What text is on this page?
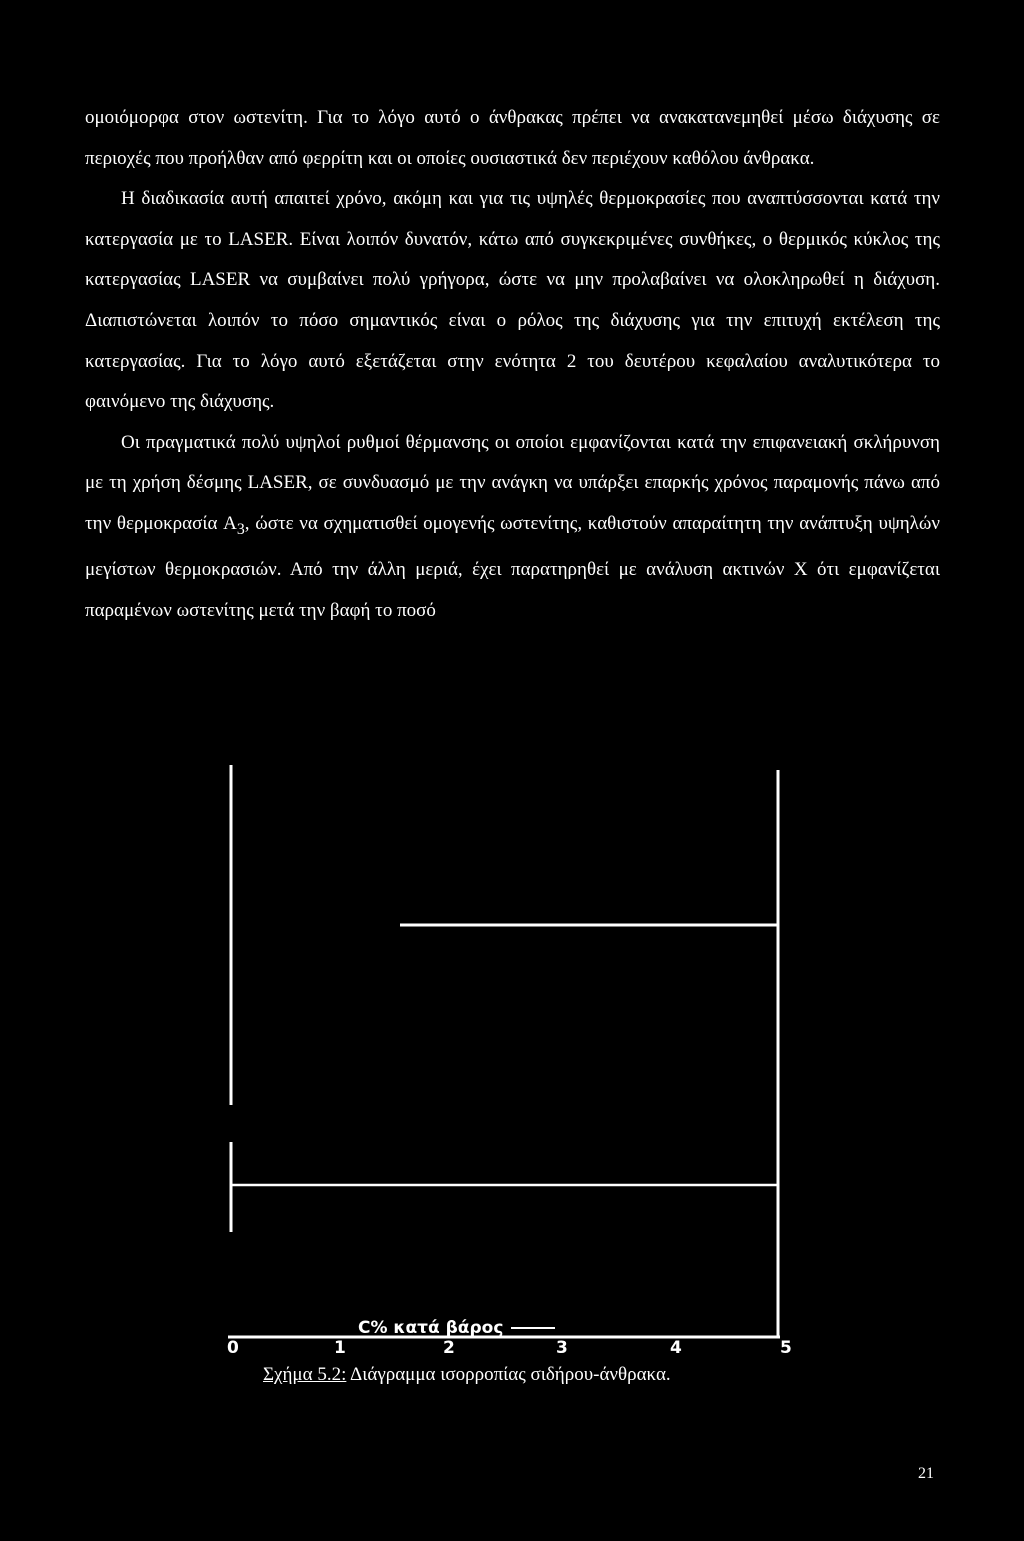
ομοιόμορφα στον ωστενίτη. Για το λόγο αυτό ο άνθρακας πρέπει να ανακατανεμηθεί μέσω διάχυσης σε περιοχές που προήλθαν από φερρίτη και οι οποίες ουσιαστικά δεν περιέχουν καθόλου άνθρακα.

Η διαδικασία αυτή απαιτεί χρόνο, ακόμη και για τις υψηλές θερμοκρασίες που αναπτύσσονται κατά την κατεργασία με το LASER. Είναι λοιπόν δυνατόν, κάτω από συγκεκριμένες συνθήκες, ο θερμικός κύκλος της κατεργασίας LASER να συμβαίνει πολύ γρήγορα, ώστε να μην προλαβαίνει να ολοκληρωθεί η διάχυση. Διαπιστώνεται λοιπόν το πόσο σημαντικός είναι ο ρόλος της διάχυσης για την επιτυχή εκτέλεση της κατεργασίας. Για το λόγο αυτό εξετάζεται στην ενότητα 2 του δευτέρου κεφαλαίου αναλυτικότερα το φαινόμενο της διάχυσης.

Οι πραγματικά πολύ υψηλοί ρυθμοί θέρμανσης οι οποίοι εμφανίζονται κατά την επιφανειακή σκλήρυνση με τη χρήση δέσμης LASER, σε συνδυασμό με την ανάγκη να υπάρξει επαρκής χρόνος παραμονής πάνω από την θερμοκρασία $A_3$, ώστε να σχηματισθεί ομογενής ωστενίτης, καθιστούν απαραίτητη την ανάπτυξη υψηλών μεγίστων θερμοκρασιών. Από την άλλη μεριά, έχει παρατηρηθεί με ανάλυση ακτινών X ότι εμφανίζεται παραμένων ωστενίτης μετά την βαφή το ποσό

0	1	2	3	4	5
C% κατά βάρος
Σχήμα 5.2: Διάγραμμα ισορροπίας σιδήρου-άνθρακα.
21
